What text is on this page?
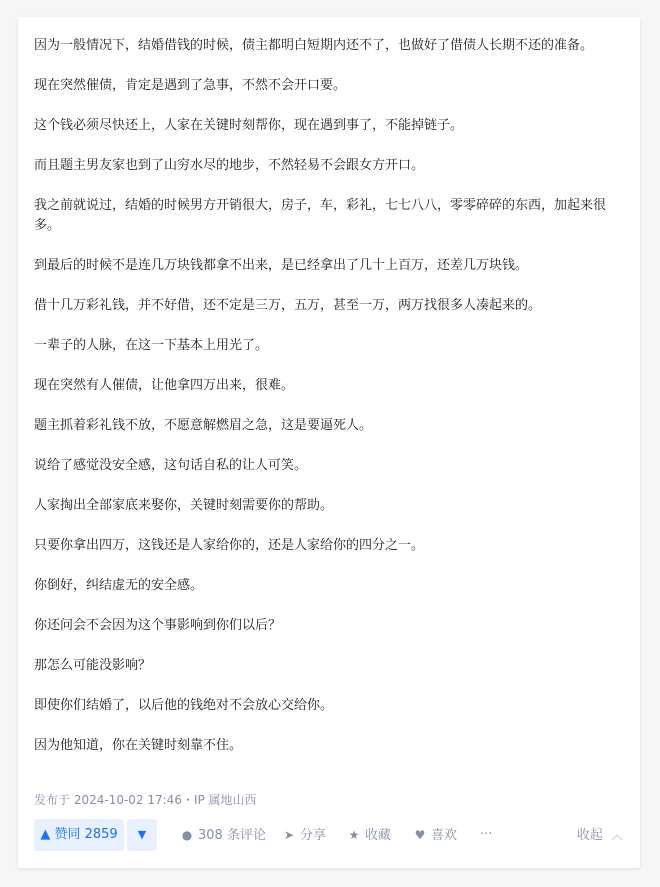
因为一般情况下，结婚借钱的时候，债主都明白短期内还不了，也做好了借债人长期不还的准备。

现在突然催债，肯定是遇到了急事，不然不会开口要。

这个钱必须尽快还上，人家在关键时刻帮你，现在遇到事了，不能掉链子。

而且题主男友家也到了山穷水尽的地步，不然轻易不会跟女方开口。

我之前就说过，结婚的时候男方开销很大，房子，车，彩礼，七七八八，零零碎碎的东西，加起来很多。

到最后的时候不是连几万块钱都拿不出来，是已经拿出了几十上百万，还差几万块钱。

借十几万彩礼钱，并不好借，还不定是三万，五万，甚至一万，两万找很多人凑起来的。

一辈子的人脉，在这一下基本上用光了。

现在突然有人催债，让他拿四万出来，很难。

题主抓着彩礼钱不放，不愿意解燃眉之急，这是要逼死人。

说给了感觉没安全感，这句话自私的让人可笑。

人家掏出全部家底来娶你，关键时刻需要你的帮助。

只要你拿出四万，这钱还是人家给你的，还是人家给你的四分之一。

你倒好，纠结虚无的安全感。

你还问会不会因为这个事影响到你们以后？

那怎么可能没影响？

即使你们结婚了，以后他的钱绝对不会放心交给你。

因为他知道，你在关键时刻靠不住。

发布于 2024-10-02 17:46・IP 属地山西
▲ 赞同 2859	▼	● 308 条评论 ➤ 分享 ★ 收藏 ♥ 喜欢 ···	收起 ︿
